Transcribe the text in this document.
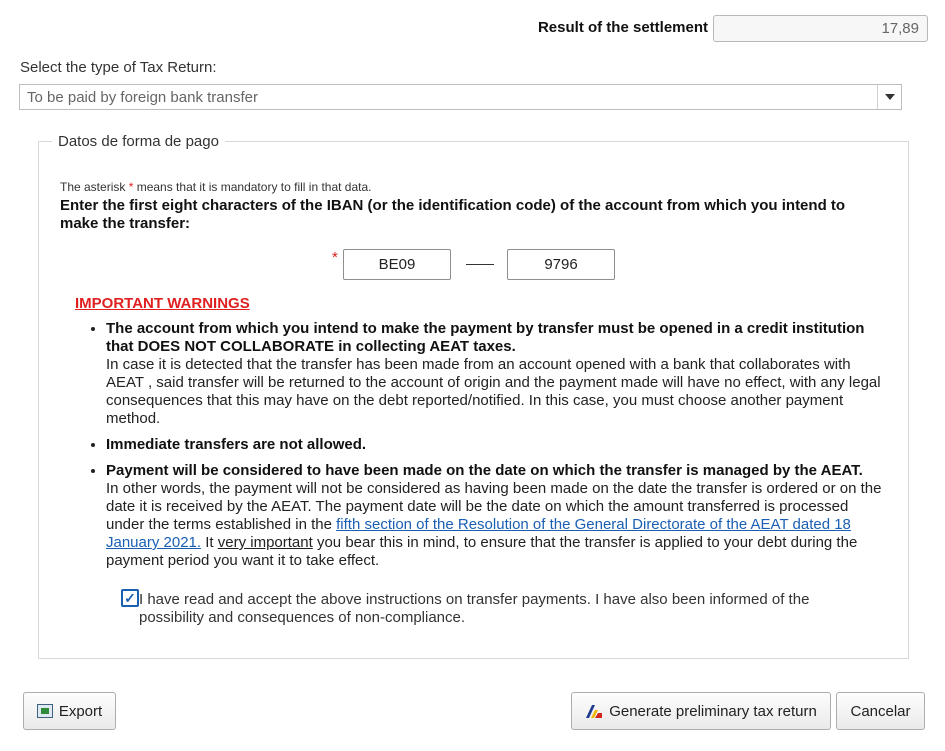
Result of the settlement	17,89
Select the type of Tax Return:
To be paid by foreign bank transfer
Datos de forma de pago
The asterisk * means that it is mandatory to fill in that data.
Enter the first eight characters of the IBAN (or the identification code) of the account from which you intend to make the transfer:
*	BE09	9796
IMPORTANT WARNINGS
• The account from which you intend to make the payment by transfer must be opened in a credit institution that DOES NOT COLLABORATE in collecting AEAT taxes.
In case it is detected that the transfer has been made from an account opened with a bank that collaborates with AEAT , said transfer will be returned to the account of origin and the payment made will have no effect, with any legal consequences that this may have on the debt reported/notified. In this case, you must choose another payment method.
• Immediate transfers are not allowed.
• Payment will be considered to have been made on the date on which the transfer is managed by the AEAT.
In other words, the payment will not be considered as having been made on the date the transfer is ordered or on the date it is received by the AEAT. The payment date will be the date on which the amount transferred is processed under the terms established in the fifth section of the Resolution of the General Directorate of the AEAT dated 18 January 2021. It very important you bear this in mind, to ensure that the transfer is applied to your debt during the payment period you want it to take effect.
✓ I have read and accept the above instructions on transfer payments. I have also been informed of the possibility and consequences of non-compliance.
Export	Generate preliminary tax return	Cancelar
